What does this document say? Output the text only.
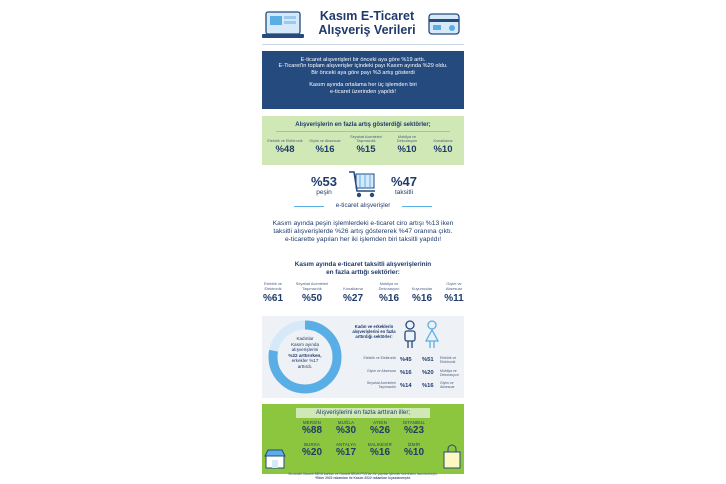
Kasım E-Ticaret
Alışveriş Verileri
E-ticaret alışverişleri bir önceki aya göre %19 arttı.
E-Ticaret'in toplam alışverişler içindeki payı Kasım ayında %29 oldu.
Bir önceki aya göre payı %3 artış gösterdi
Kasım ayında ortalama her üç işlemden biri
e-ticaret üzerinden yapıldı!
Alışverişlerin en fazla artış gösterdiği sektörler;
Elektrik ve Elektronik
%48
Giyim ve Aksesuar
%16
Seyahat Acenteleri Taşımacılık
%15
Mobilya ve Dekorasyon
%10
Konaklama
%10
%53
peşin
%47
taksitli
e-ticaret alışverişler
Kasım ayında peşin işlemlerdeki e-ticaret ciro artışı %13 iken
taksitli alışverişlerde %26 artış göstererek %47 oranına çıktı.
e-ticarette yapılan her iki işlemden biri taksitli yapıldı!
Kasım ayında e-ticaret taksitli alışverişlerinin
en fazla arttığı sektörler:
Elektrik ve Elektronik
%61
Seyahat Acenteleri Taşımacılık
%50
Konaklama
%27
Mobilya ve Dekorasyon
%16
Kuyumcular
%16
Giyim ve Aksesuar
%11
Kadınlar
Kasım ayında
alışverişlerini
%22 arttırırken,
erkekler %17
arttırdı.
Kadın ve erkeklerin
alışverişlerini en fazla
arttırdığı sektörler:
Elektrik ve Elektronik %45 %51 Elektrik ve Elektronik
Giyim ve Aksesuar %16 %20 Mobilya ve Dekorasyon
Seyahat Acenteleri Taşımacılık %14 %16 Giyim ve Aksesuar
Alışverişlerini en fazla arttıran iller;
MERSİN
%88
MUĞLA
%30
AYDIN
%26
İSTANBUL
%23
BURSA
%20
ANTALYA
%17
BALIKESİR
%16
İZMİR
%10
Bu analiz Garanti BBVA kartları ve Garanti BBVA POS'ları ile yapılan işlemler üzerinden hazırlanmıştır.
*Ekim 2022 rakamları ile Kasım 2022 rakamları kıyaslanmıştır.
